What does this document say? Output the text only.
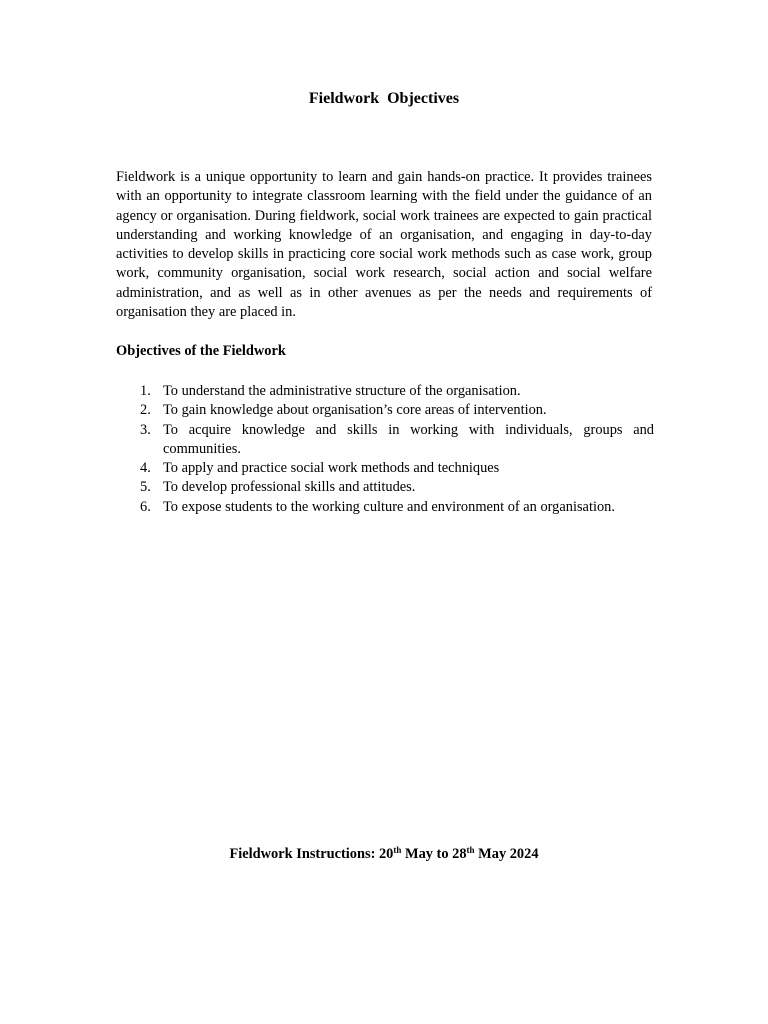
Fieldwork  Objectives

Fieldwork is a unique opportunity to learn and gain hands-on practice. It provides trainees with an opportunity to integrate classroom learning with the field under the guidance of an agency or organisation. During fieldwork, social work trainees are expected to gain practical understanding and working knowledge of an organisation, and engaging in day-to-day activities to develop skills in practicing core social work methods such as case work, group work, community organisation, social work research, social action and social welfare administration, and as well as in other avenues as per the needs and requirements of organisation they are placed in.

Objectives of the Fieldwork
1. To understand the administrative structure of the organisation.
2. To gain knowledge about organisation’s core areas of intervention.
3. To acquire knowledge and skills in working with individuals, groups and communities.
4. To apply and practice social work methods and techniques
5. To develop professional skills and attitudes.
6. To expose students to the working culture and environment of an organisation.
Fieldwork Instructions: 20th May to 28th May 2024
